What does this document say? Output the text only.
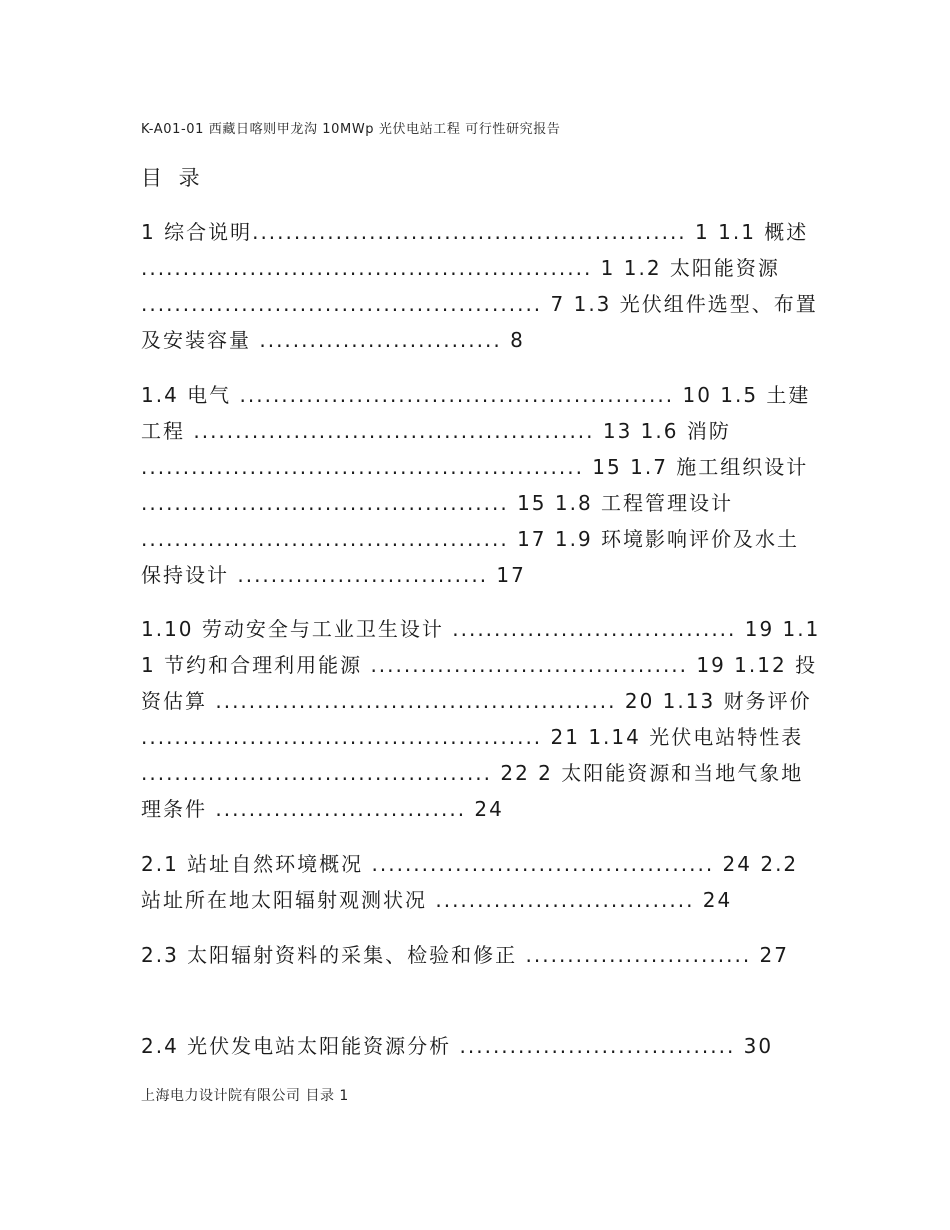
K-A01-01 西藏日喀则甲龙沟 10MWp 光伏电站工程 可行性研究报告
目 录
1 综合说明.................................................... 1 1.1 概述 ...................................................... 1 1.2 太阳能资源 ................................................ 7 1.3 光伏组件选型、布置及安装容量 ............................. 8
1.4 电气 .................................................... 10 1.5 土建工程 ................................................ 13 1.6 消防 ..................................................... 15 1.7 施工组织设计 ............................................ 15 1.8 工程管理设计 ............................................ 17 1.9 环境影响评价及水土保持设计 .............................. 17
1.10 劳动安全与工业卫生设计 .................................. 19 1.11 节约和合理利用能源 ...................................... 19 1.12 投资估算 ................................................ 20 1.13 财务评价 ................................................ 21 1.14 光伏电站特性表 .......................................... 22 2 太阳能资源和当地气象地理条件 .............................. 24
2.1 站址自然环境概况 ......................................... 24 2.2 站址所在地太阳辐射观测状况 ............................... 24
2.3 太阳辐射资料的采集、检验和修正 ........................... 27
2.4 光伏发电站太阳能资源分析 ................................. 30
上海电力设计院有限公司 目录 1
